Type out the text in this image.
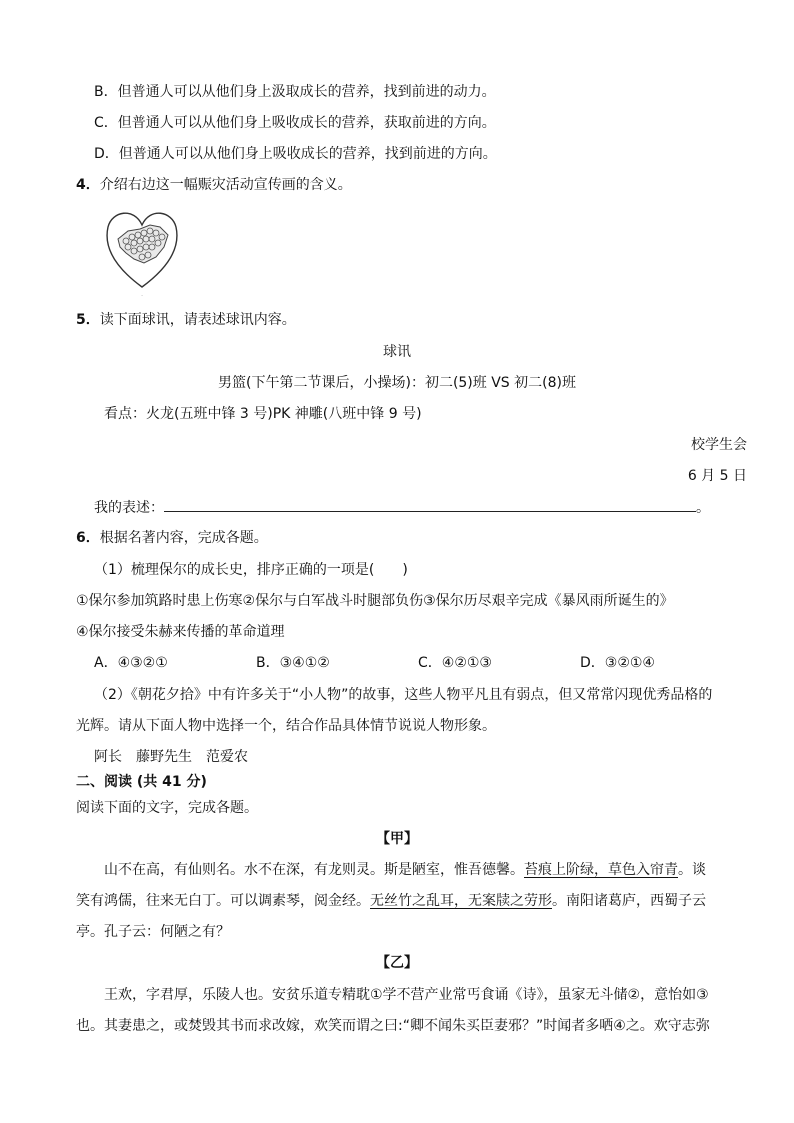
B．但普通人可以从他们身上汲取成长的营养，找到前进的动力。
C．但普通人可以从他们身上吸收成长的营养，获取前进的方向。
D．但普通人可以从他们身上吸收成长的营养，找到前进的方向。
4．介绍右边这一幅赈灾活动宣传画的含义。
·
5．读下面球讯，请表述球讯内容。
球讯
男篮(下午第二节课后，小操场)：初二(5)班 VS 初二(8)班
看点：火龙(五班中锋 3 号)PK 神雕(八班中锋 9 号)
校学生会
6 月 5 日
我的表述：	。
6．根据名著内容，完成各题。
（1）梳理保尔的成长史，排序正确的一项是(　　)
①保尔参加筑路时患上伤寒②保尔与白军战斗时腿部负伤③保尔历尽艰辛完成《暴风雨所诞生的》
④保尔接受朱赫来传播的革命道理
A．④③②①	B．③④①②	C．④②①③	D．③②①④
（2）《朝花夕拾》中有许多关于“小人物”的故事，这些人物平凡且有弱点，但又常常闪现优秀品格的
光辉。请从下面人物中选择一个，结合作品具体情节说说人物形象。
阿长　藤野先生　范爱农
二、阅读 (共 41 分)
阅读下面的文字，完成各题。
【甲】
山不在高，有仙则名。水不在深，有龙则灵。斯是陋室，惟吾德馨。苔痕上阶绿，草色入帘青。谈
笑有鸿儒，往来无白丁。可以调素琴，阅金经。无丝竹之乱耳，无案牍之劳形。南阳诸葛庐，西蜀子云
亭。孔子云：何陋之有？
【乙】
王欢，字君厚，乐陵人也。安贫乐道专精耽①学不营产业常丐食诵《诗》，虽家无斗储②，意怡如③
也。其妻患之，或焚毁其书而求改嫁，欢笑而谓之曰:“卿不闻朱买臣妻邪？”时闻者多哂④之。欢守志弥
